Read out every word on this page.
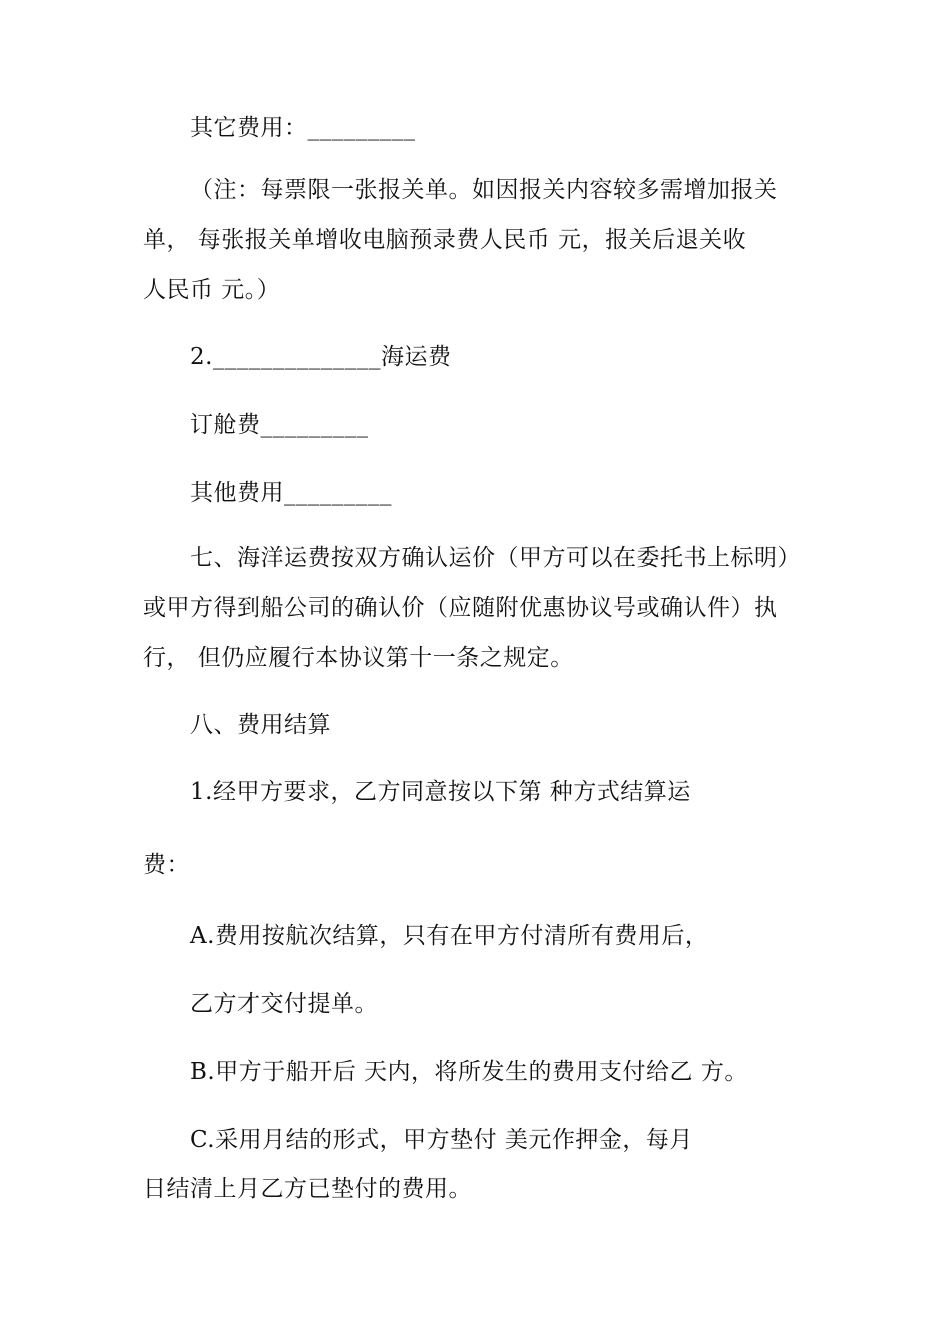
其它费用：_________
（注：每票限一张报关单。如因报关内容较多需增加报关
单， 每张报关单增收电脑预录费人民币 元，报关后退关收
人民币 元。）
2.______________海运费
订舱费_________
其他费用_________
七、海洋运费按双方确认运价（甲方可以在委托书上标明）
或甲方得到船公司的确认价（应随附优惠协议号或确认件）执
行， 但仍应履行本协议第十一条之规定。
八、费用结算
1.经甲方要求，乙方同意按以下第 种方式结算运
费：
A.费用按航次结算，只有在甲方付清所有费用后，
乙方才交付提单。
B.甲方于船开后 天内，将所发生的费用支付给乙 方。
C.采用月结的形式，甲方垫付 美元作押金，每月
日结清上月乙方已垫付的费用。
